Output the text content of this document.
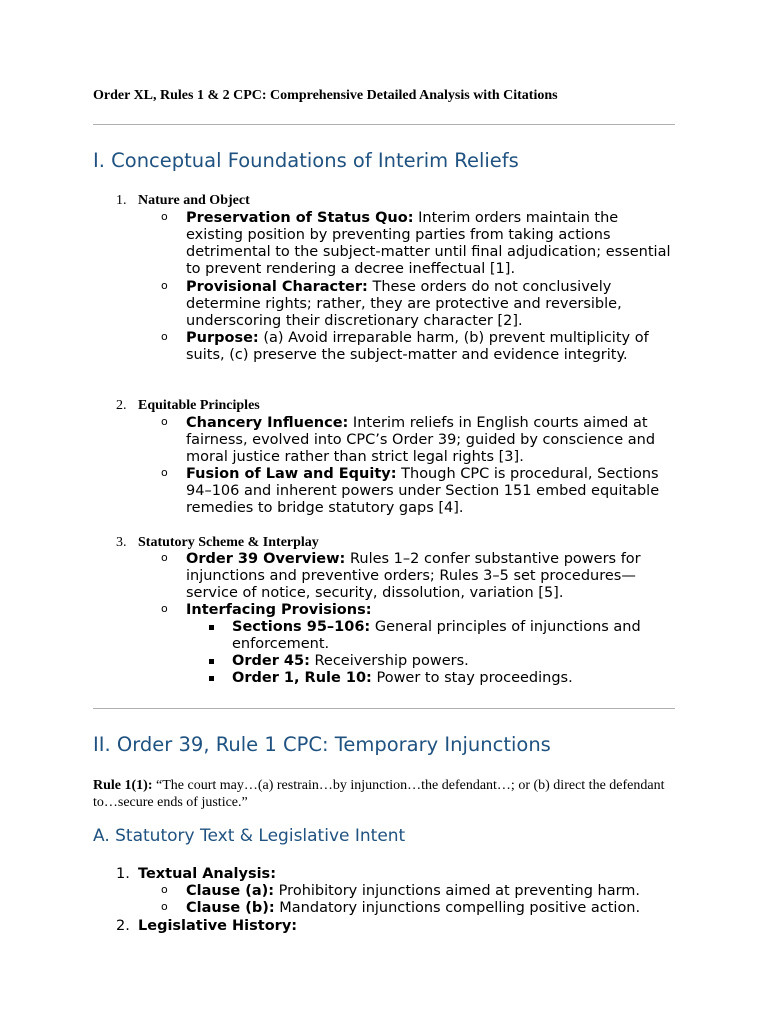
Order XL, Rules 1 & 2 CPC: Comprehensive Detailed Analysis with Citations
I. Conceptual Foundations of Interim Reliefs
1. Nature and Object
o Preservation of Status Quo: Interim orders maintain the existing position by preventing parties from taking actions detrimental to the subject-matter until final adjudication; essential to prevent rendering a decree ineffectual [1].
o Provisional Character: These orders do not conclusively determine rights; rather, they are protective and reversible, underscoring their discretionary character [2].
o Purpose: (a) Avoid irreparable harm, (b) prevent multiplicity of suits, (c) preserve the subject-matter and evidence integrity.
2. Equitable Principles
o Chancery Influence: Interim reliefs in English courts aimed at fairness, evolved into CPC’s Order 39; guided by conscience and moral justice rather than strict legal rights [3].
o Fusion of Law and Equity: Though CPC is procedural, Sections 94–106 and inherent powers under Section 151 embed equitable remedies to bridge statutory gaps [4].
3. Statutory Scheme & Interplay
o Order 39 Overview: Rules 1–2 confer substantive powers for injunctions and preventive orders; Rules 3–5 set procedures—service of notice, security, dissolution, variation [5].
o Interfacing Provisions:
Sections 95–106: General principles of injunctions and enforcement.
Order 45: Receivership powers.
Order 1, Rule 10: Power to stay proceedings.
II. Order 39, Rule 1 CPC: Temporary Injunctions
Rule 1(1): “The court may…(a) restrain…by injunction…the defendant…; or (b) direct the defendant to…secure ends of justice.”
A. Statutory Text & Legislative Intent
1. Textual Analysis:
o Clause (a): Prohibitory injunctions aimed at preventing harm.
o Clause (b): Mandatory injunctions compelling positive action.
2. Legislative History:
